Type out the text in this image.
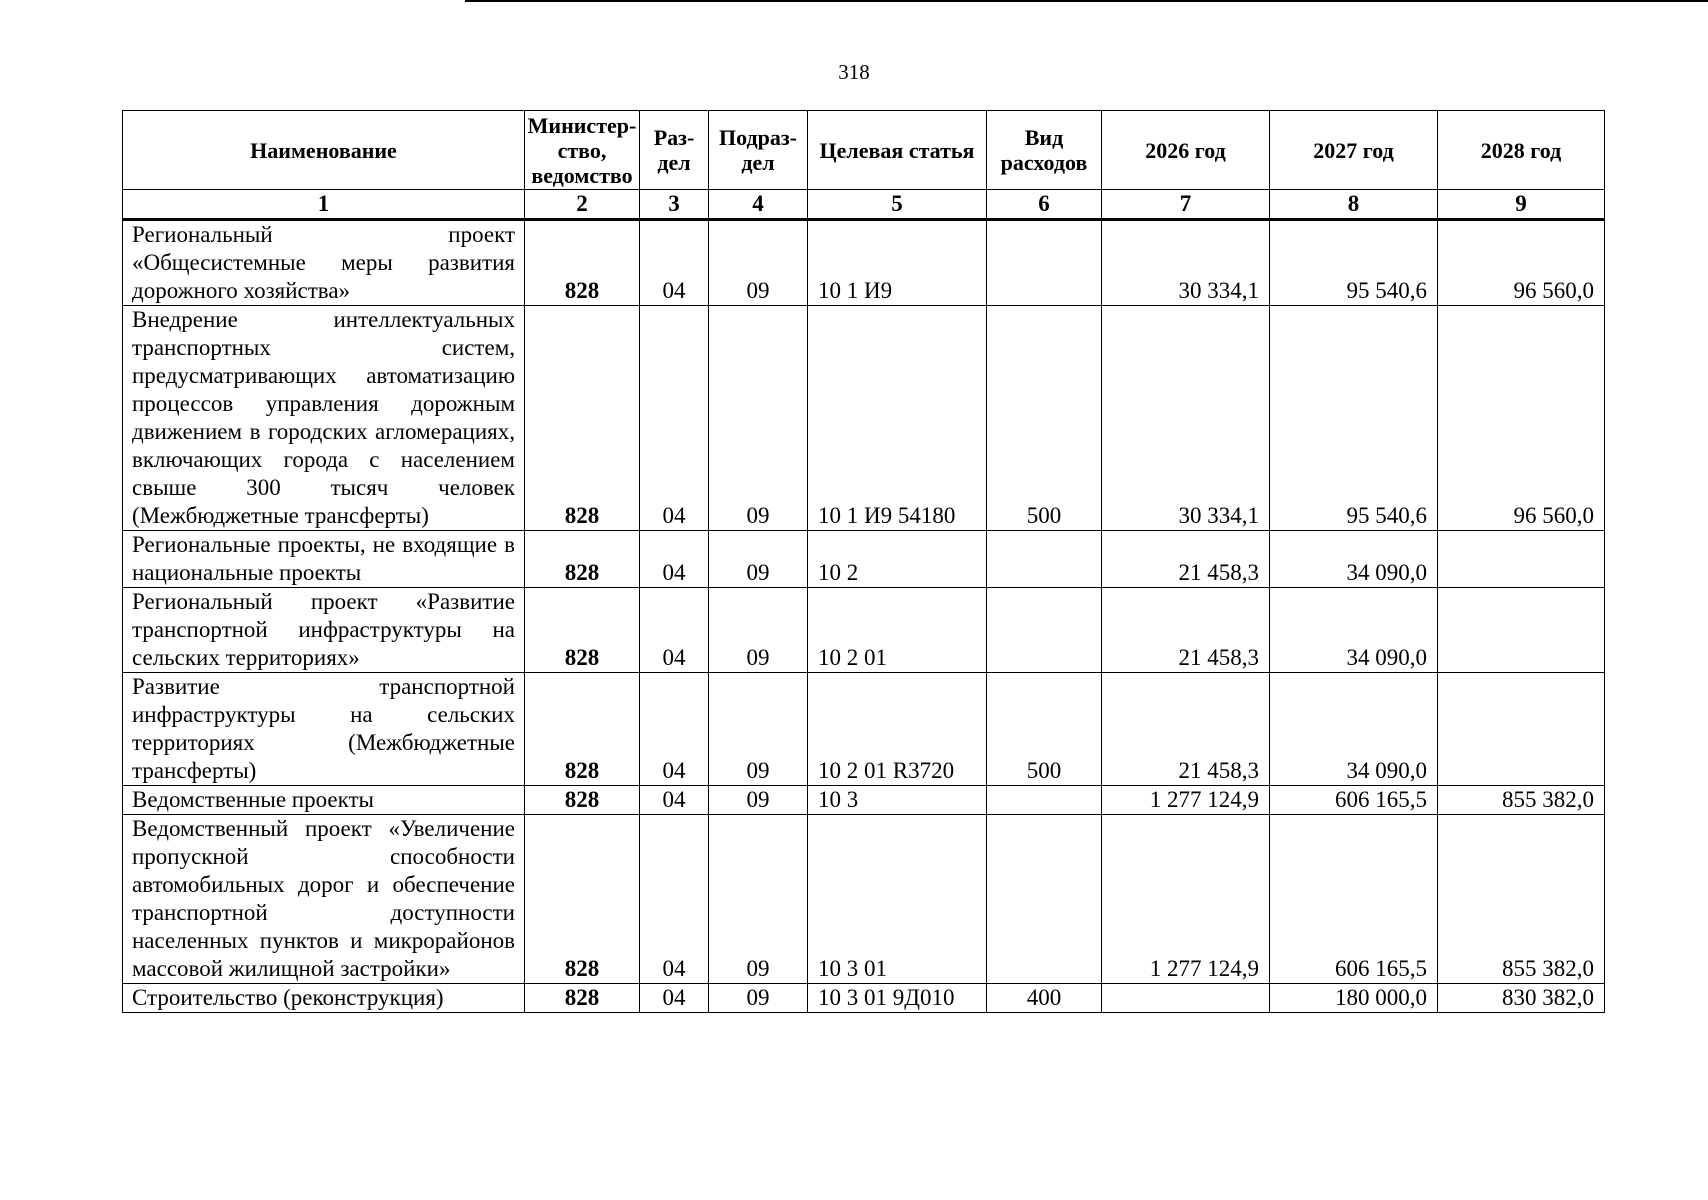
318
Наименование	Министер-ство, ведомство	Раз-дел	Подраз-дел	Целевая статья	Вид расходов	2026 год	2027 год	2028 год
1	2	3	4	5	6	7	8	9
Региональный проект «Общесистемные меры развития дорожного хозяйства»	828	04	09	10 1 И9		30 334,1	95 540,6	96 560,0
Внедрение интеллектуальных транспортных систем, предусматривающих автоматизацию процессов управления дорожным движением в городских агломерациях, включающих города с населением свыше 300 тысяч человек (Межбюджетные трансферты)	828	04	09	10 1 И9 54180	500	30 334,1	95 540,6	96 560,0
Региональные проекты, не входящие в национальные проекты	828	04	09	10 2		21 458,3	34 090,0	
Региональный проект «Развитие транспортной инфраструктуры на сельских территориях»	828	04	09	10 2 01		21 458,3	34 090,0	
Развитие транспортной инфраструктуры на сельских территориях (Межбюджетные трансферты)	828	04	09	10 2 01 R3720	500	21 458,3	34 090,0	
Ведомственные проекты	828	04	09	10 3		1 277 124,9	606 165,5	855 382,0
Ведомственный проект «Увеличение пропускной способности автомобильных дорог и обеспечение транспортной доступности населенных пунктов и микрорайонов массовой жилищной застройки»	828	04	09	10 3 01		1 277 124,9	606 165,5	855 382,0
Строительство (реконструкция)	828	04	09	10 3 01 9Д010	400		180 000,0	830 382,0
